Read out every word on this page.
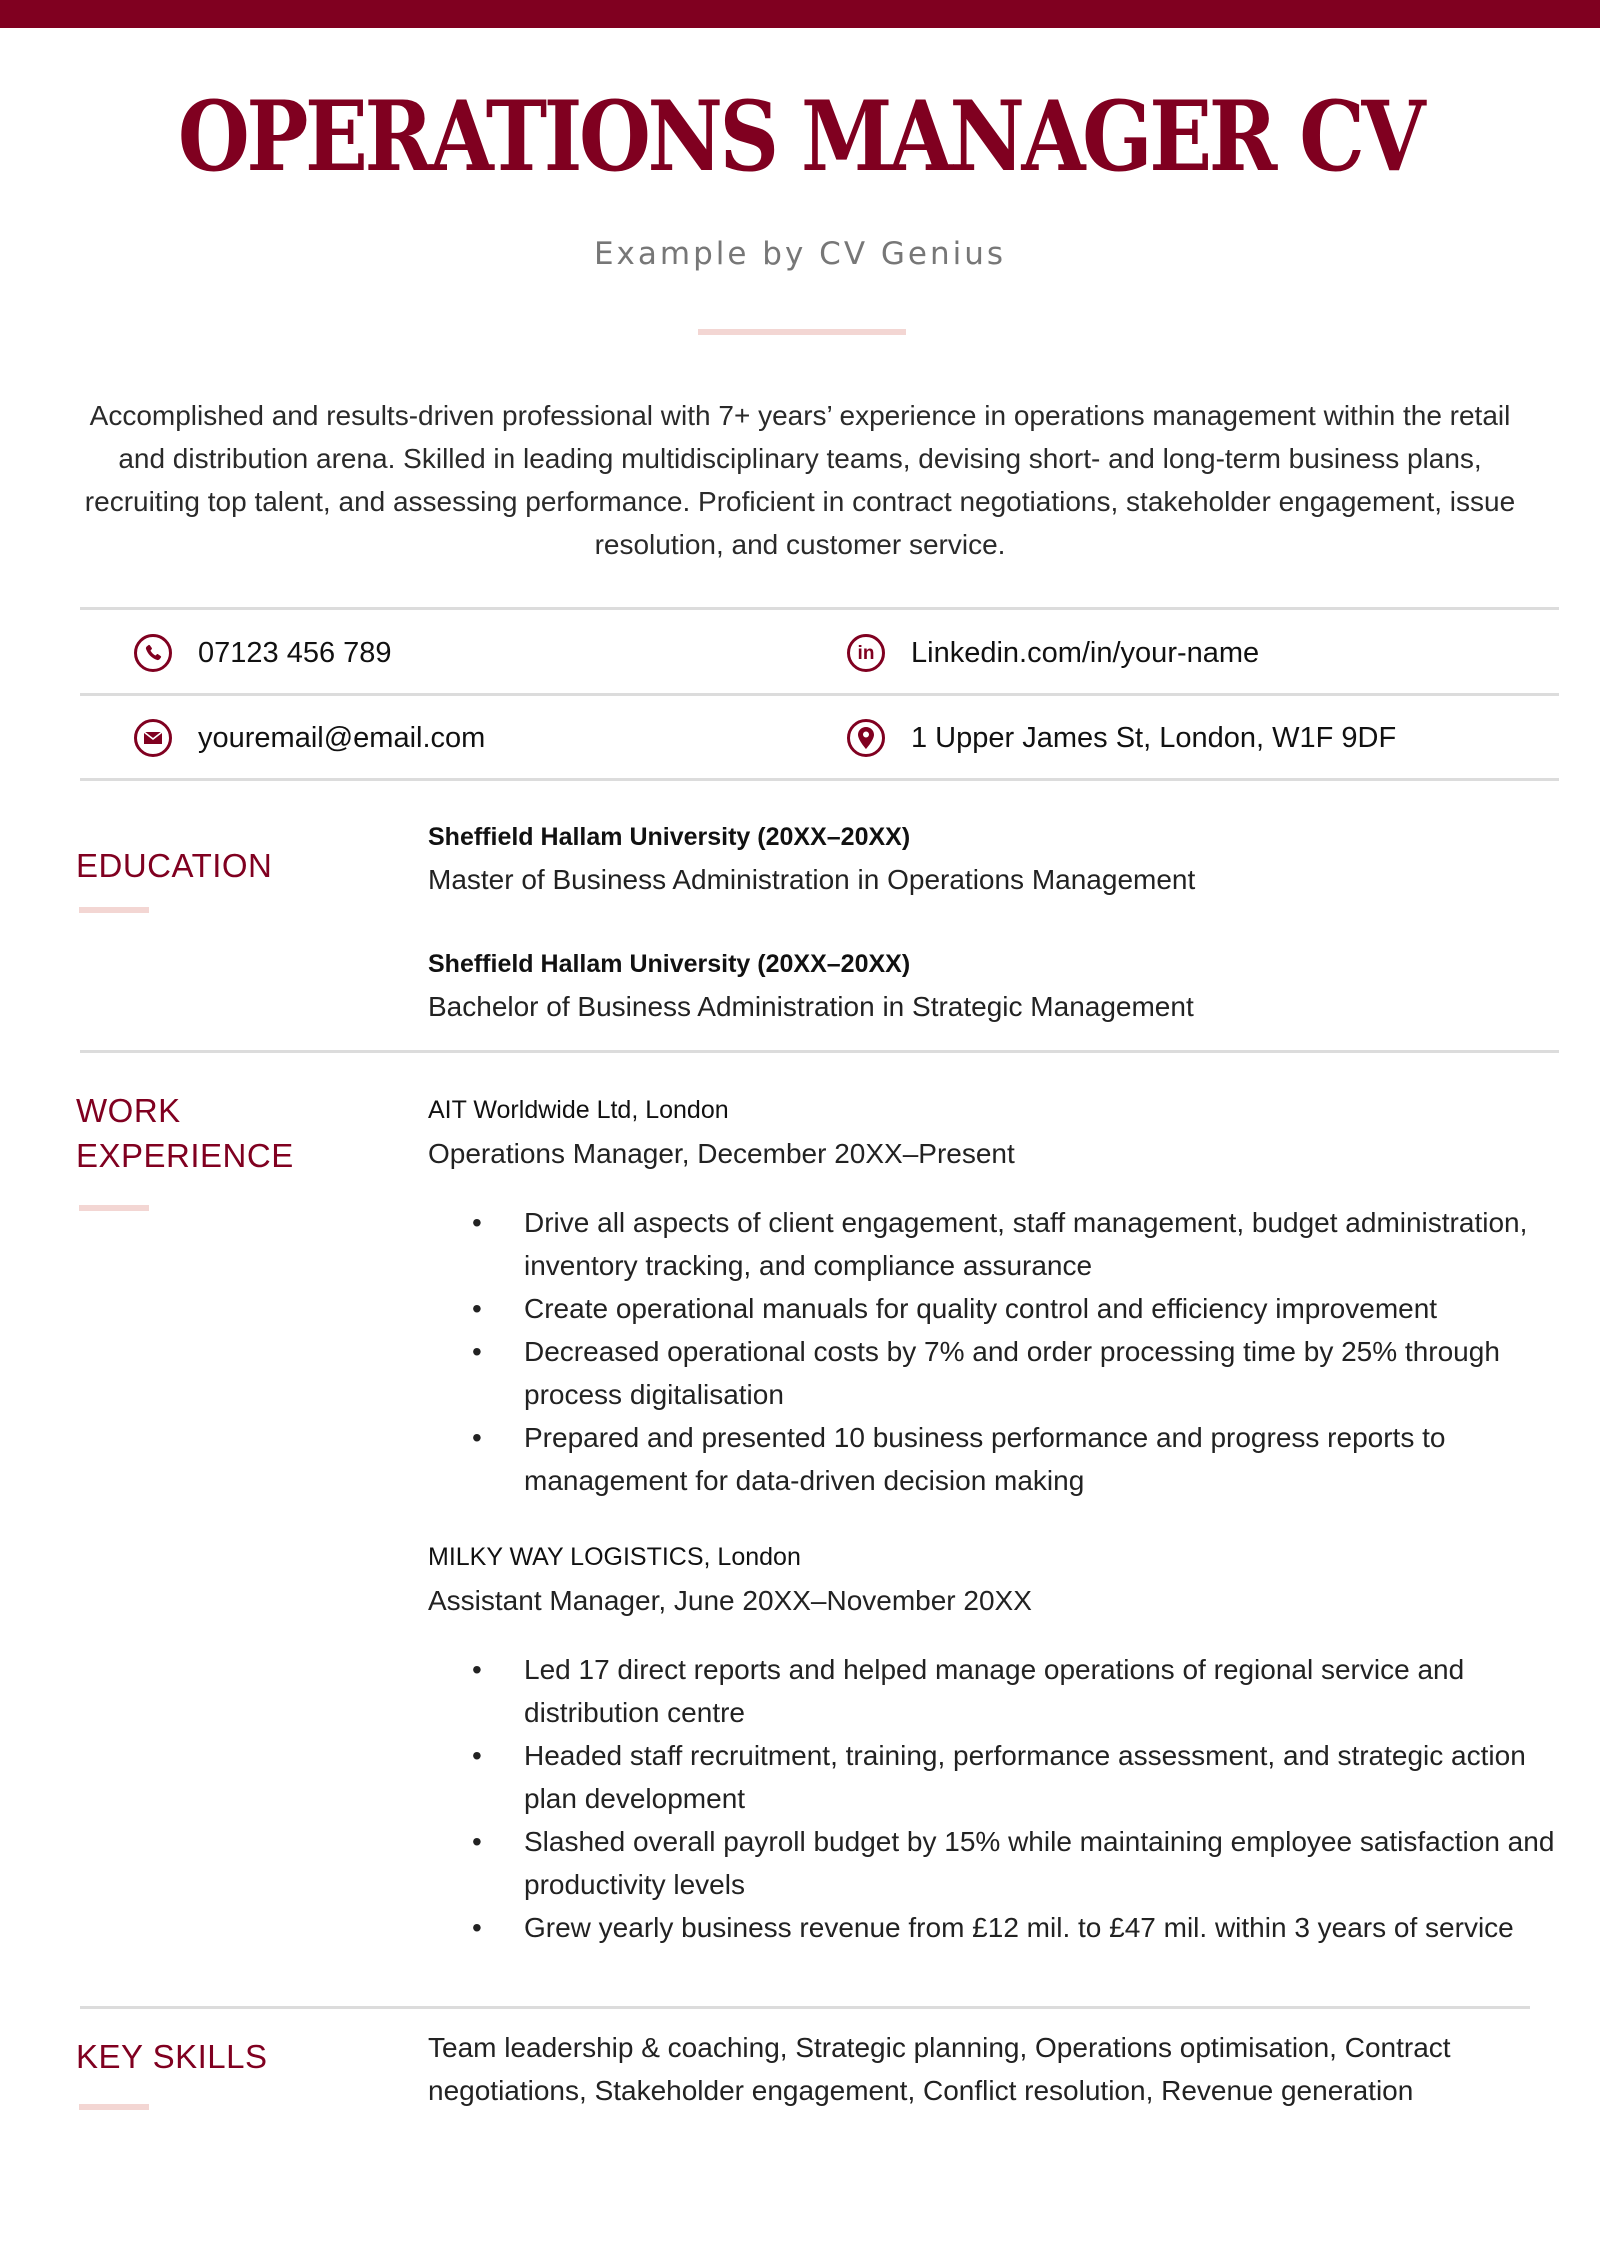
OPERATIONS MANAGER CV
Example by CV Genius

Accomplished and results-driven professional with 7+ years’ experience in operations management within the retail and distribution arena. Skilled in leading multidisciplinary teams, devising short- and long-term business plans, recruiting top talent, and assessing performance. Proficient in contract negotiations, stakeholder engagement, issue resolution, and customer service.

07123 456 789	in Linkedin.com/in/your-name
youremail@email.com	1 Upper James St, London, W1F 9DF
EDUCATION
Sheffield Hallam University (20XX–20XX)
Master of Business Administration in Operations Management
Sheffield Hallam University (20XX–20XX)
Bachelor of Business Administration in Strategic Management
WORK
EXPERIENCE
AIT Worldwide Ltd, London
Operations Manager, December 20XX–Present
• Drive all aspects of client engagement, staff management, budget administration, inventory tracking, and compliance assurance
• Create operational manuals for quality control and efficiency improvement
• Decreased operational costs by 7% and order processing time by 25% through process digitalisation
• Prepared and presented 10 business performance and progress reports to management for data-driven decision making
MILKY WAY LOGISTICS, London
Assistant Manager, June 20XX–November 20XX
• Led 17 direct reports and helped manage operations of regional service and distribution centre
• Headed staff recruitment, training, performance assessment, and strategic action plan development
• Slashed overall payroll budget by 15% while maintaining employee satisfaction and productivity levels
• Grew yearly business revenue from £12 mil. to £47 mil. within 3 years of service
KEY SKILLS	Team leadership & coaching, Strategic planning, Operations optimisation, Contract negotiations, Stakeholder engagement, Conflict resolution, Revenue generation
